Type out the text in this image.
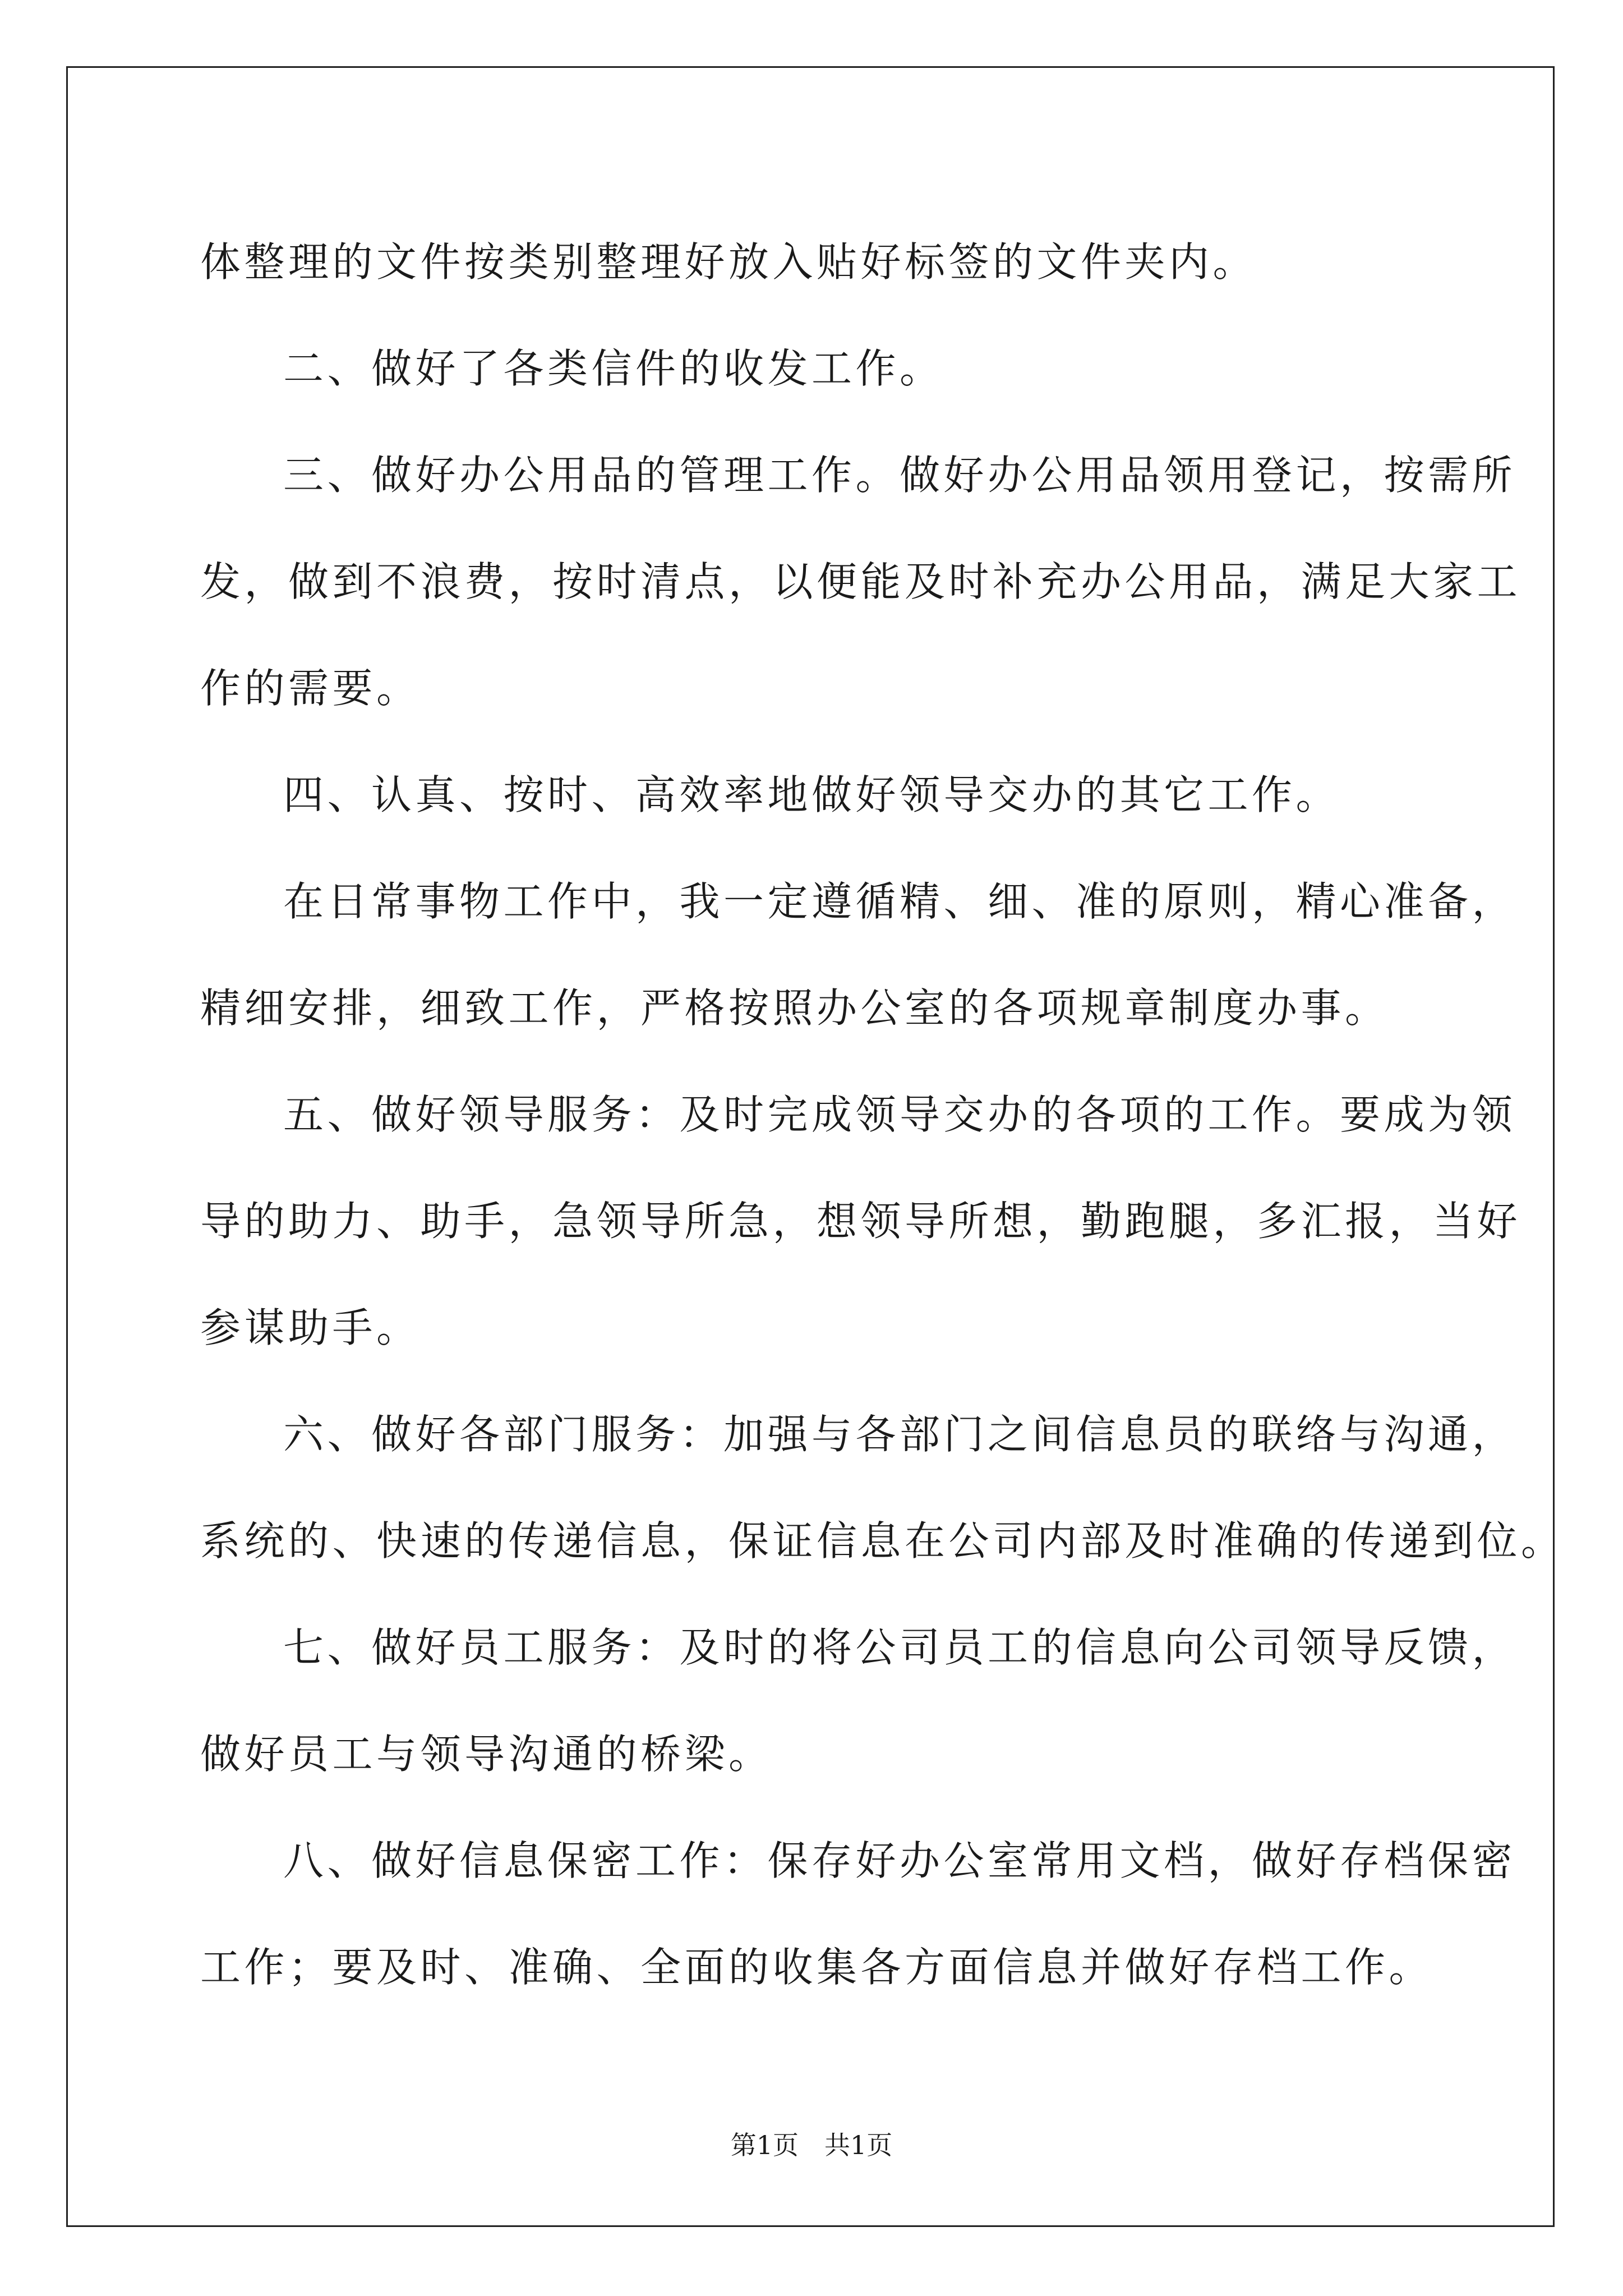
体整理的文件按类别整理好放入贴好标签的文件夹内。

二、做好了各类信件的收发工作。

三、做好办公用品的管理工作。做好办公用品领用登记，按需所

发，做到不浪费，按时清点，以便能及时补充办公用品，满足大家工

作的需要。

四、认真、按时、高效率地做好领导交办的其它工作。

在日常事物工作中，我一定遵循精、细、准的原则，精心准备，

精细安排，细致工作，严格按照办公室的各项规章制度办事。

五、做好领导服务：及时完成领导交办的各项的工作。要成为领

导的助力、助手，急领导所急，想领导所想，勤跑腿，多汇报，当好

参谋助手。

六、做好各部门服务：加强与各部门之间信息员的联络与沟通，

系统的、快速的传递信息，保证信息在公司内部及时准确的传递到位。

七、做好员工服务：及时的将公司员工的信息向公司领导反馈，

做好员工与领导沟通的桥梁。

八、做好信息保密工作：保存好办公室常用文档，做好存档保密

工作；要及时、准确、全面的收集各方面信息并做好存档工作。

第1页 共1页
